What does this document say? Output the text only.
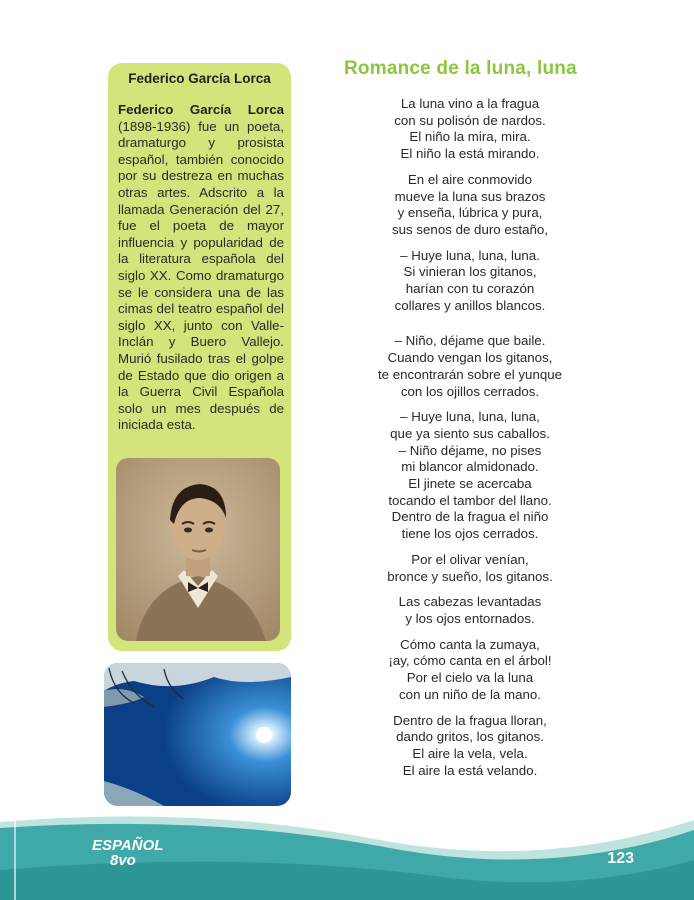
Federico García Lorca
Federico García Lorca (1898-1936) fue un poeta, dramaturgo y prosista español, también conocido por su destreza en muchas otras artes. Adscrito a la llamada Generación del 27, fue el poeta de mayor influencia y popularidad de la literatura española del siglo XX. Como dramaturgo se le considera una de las cimas del teatro español del siglo XX, junto con Valle-Inclán y Buero Vallejo. Murió fusilado tras el golpe de Estado que dio origen a la Guerra Civil Española solo un mes después de iniciada esta.
Romance de la luna, luna
La luna vino a la fragua
con su polisón de nardos.
El niño la mira, mira.
El niño la está mirando.
En el aire conmovido
mueve la luna sus brazos
y enseña, lúbrica y pura,
sus senos de duro estaño,
– Huye luna, luna, luna.
Si vinieran los gitanos,
harían con tu corazón
collares y anillos blancos.
– Niño, déjame que baile.
Cuando vengan los gitanos,
te encontrarán sobre el yunque
con los ojillos cerrados.
– Huye luna, luna, luna,
que ya siento sus caballos.
– Niño déjame, no pises
mi blancor almidonado.
El jinete se acercaba
tocando el tambor del llano.
Dentro de la fragua el niño
tiene los ojos cerrados.
Por el olivar venían,
bronce y sueño, los gitanos.
Las cabezas levantadas
y los ojos entornados.
Cómo canta la zumaya,
¡ay, cómo canta en el árbol!
Por el cielo va la luna
con un niño de la mano.
Dentro de la fragua lloran,
dando gritos, los gitanos.
El aire la vela, vela.
El aire la está velando.
ESPAÑOL
8vo	123
